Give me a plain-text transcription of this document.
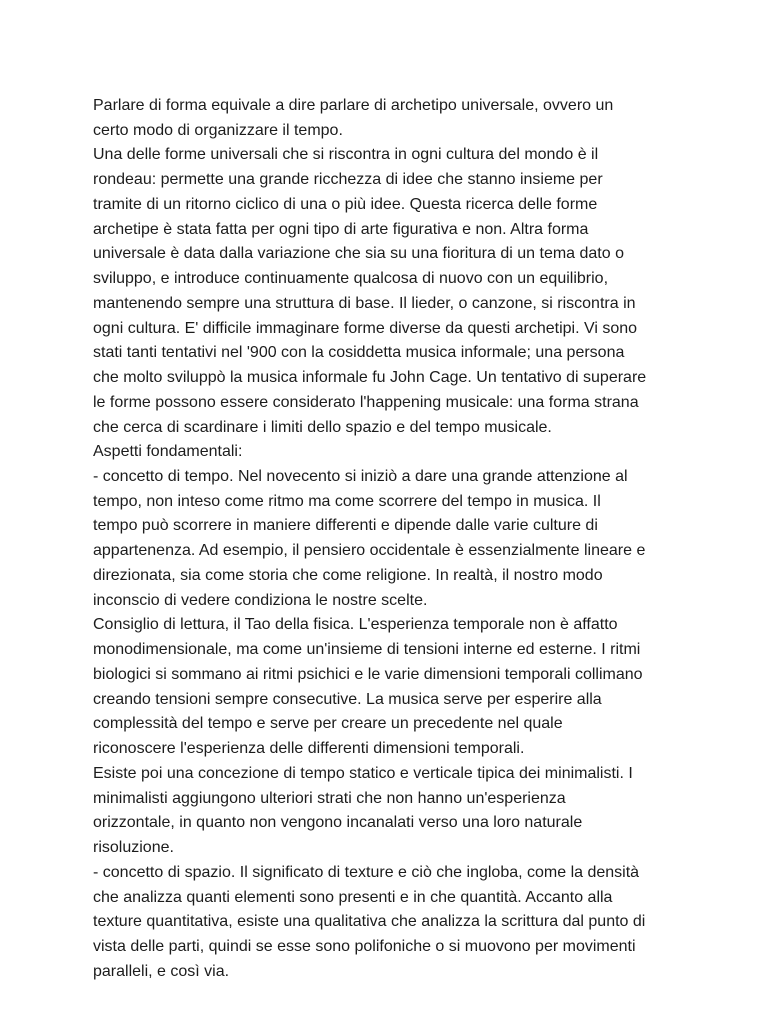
Parlare di forma equivale a dire parlare di archetipo universale, ovvero un
certo modo di organizzare il tempo.
Una delle forme universali che si riscontra in ogni cultura del mondo è il
rondeau: permette una grande ricchezza di idee che stanno insieme per
tramite di un ritorno ciclico di una o più idee. Questa ricerca delle forme
archetipe è stata fatta per ogni tipo di arte figurativa e non. Altra forma
universale è data dalla variazione che sia su una fioritura di un tema dato o
sviluppo, e introduce continuamente qualcosa di nuovo con un equilibrio,
mantenendo sempre una struttura di base. Il lieder, o canzone, si riscontra in
ogni cultura. E' difficile immaginare forme diverse da questi archetipi. Vi sono
stati tanti tentativi nel '900 con la cosiddetta musica informale; una persona
che molto sviluppò la musica informale fu John Cage. Un tentativo di superare
le forme possono essere considerato l'happening musicale: una forma strana
che cerca di scardinare i limiti dello spazio e del tempo musicale.
Aspetti fondamentali:
- concetto di tempo. Nel novecento si iniziò a dare una grande attenzione al
tempo, non inteso come ritmo ma come scorrere del tempo in musica. Il
tempo può scorrere in maniere differenti e dipende dalle varie culture di
appartenenza. Ad esempio, il pensiero occidentale è essenzialmente lineare e
direzionata, sia come storia che come religione. In realtà, il nostro modo
inconscio di vedere condiziona le nostre scelte.
Consiglio di lettura, il Tao della fisica. L'esperienza temporale non è affatto
monodimensionale, ma come un'insieme di tensioni interne ed esterne. I ritmi
biologici si sommano ai ritmi psichici e le varie dimensioni temporali collimano
creando tensioni sempre consecutive. La musica serve per esperire alla
complessità del tempo e serve per creare un precedente nel quale
riconoscere l'esperienza delle differenti dimensioni temporali.
Esiste poi una concezione di tempo statico e verticale tipica dei minimalisti. I
minimalisti aggiungono ulteriori strati che non hanno un'esperienza
orizzontale, in quanto non vengono incanalati verso una loro naturale
risoluzione.
- concetto di spazio. Il significato di texture e ciò che ingloba, come la densità
che analizza quanti elementi sono presenti e in che quantità. Accanto alla
texture quantitativa, esiste una qualitativa che analizza la scrittura dal punto di
vista delle parti, quindi se esse sono polifoniche o si muovono per movimenti
paralleli, e così via.
